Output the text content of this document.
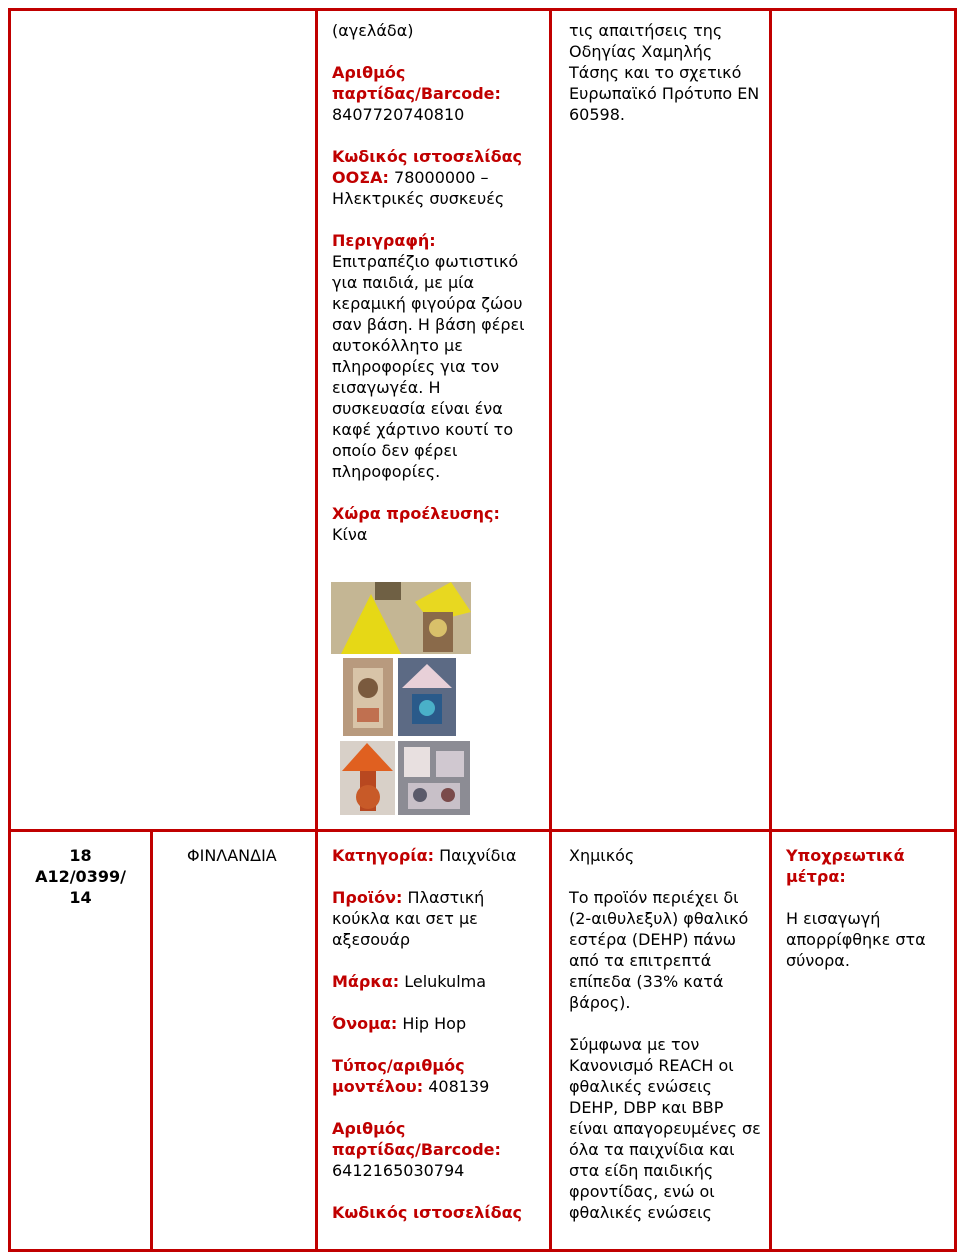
(αγελάδα)

Αριθμός παρτίδας/Barcode: 8407720740810

Κωδικός ιστοσελίδας ΟΟΣΑ: 78000000 – Ηλεκτρικές συσκευές

Περιγραφή:
Επιτραπέζιο φωτιστικό για παιδιά, με μία κεραμική φιγούρα ζώου σαν βάση. Η βάση φέρει αυτοκόλλητο με πληροφορίες για τον εισαγωγέα. Η συσκευασία είναι ένα καφέ χάρτινο κουτί το οποίο δεν φέρει πληροφορίες.

Χώρα προέλευσης:
Κίνα

τις απαιτήσεις της Οδηγίας Χαμηλής Τάσης και το σχετικό Ευρωπαϊκό Πρότυπο EN 60598.

18
A12/0399/
14
ΦΙΝΛΑΝΔΙΑ	Κατηγορία: Παιχνίδια

Προϊόν: Πλαστική κούκλα και σετ με αξεσουάρ

Μάρκα: Lelukulma

Όνομα: Hip Hop

Τύπος/αριθμός μοντέλου: 408139

Αριθμός παρτίδας/Barcode: 6412165030794

Κωδικός ιστοσελίδας

Χημικός

Το προϊόν περιέχει δι (2-αιθυλεξυλ) φθαλικό εστέρα (DEHP) πάνω από τα επιτρεπτά επίπεδα (33% κατά βάρος).

Σύμφωνα με τον Κανονισμό REACH οι φθαλικές ενώσεις DEHP, DBP και BBP είναι απαγορευμένες σε όλα τα παιχνίδια και στα είδη παιδικής φροντίδας, ενώ οι φθαλικές ενώσεις

Υποχρεωτικά μέτρα:

Η εισαγωγή απορρίφθηκε στα σύνορα.
